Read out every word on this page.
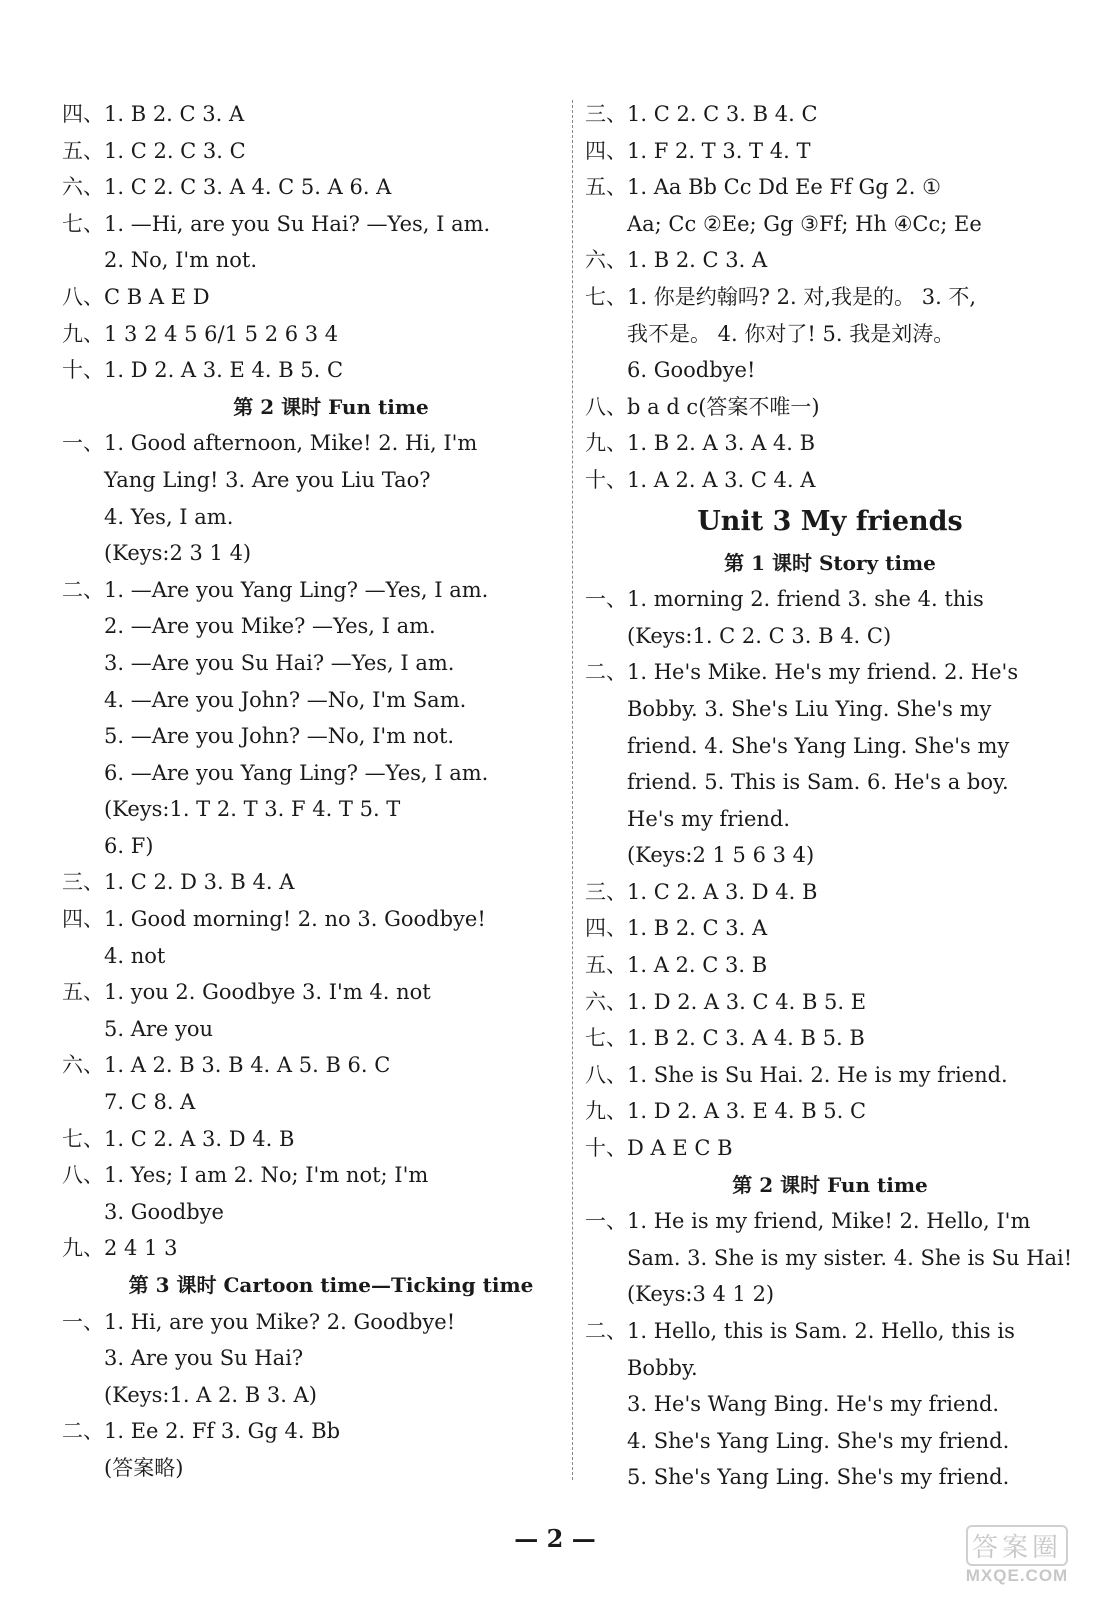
四、1. B 2. C 3. A
五、1. C 2. C 3. C
六、1. C 2. C 3. A 4. C 5. A 6. A
七、1. —Hi, are you Su Hai? —Yes, I am.
2. No, I'm not.
八、C B A E D
九、1 3 2 4 5 6/1 5 2 6 3 4
十、1. D 2. A 3. E 4. B 5. C
第 2 课时 Fun time
一、1. Good afternoon, Mike! 2. Hi, I'm
Yang Ling! 3. Are you Liu Tao?
4. Yes, I am.
(Keys:2 3 1 4)
二、1. —Are you Yang Ling? —Yes, I am.
2. —Are you Mike? —Yes, I am.
3. —Are you Su Hai? —Yes, I am.
4. —Are you John? —No, I'm Sam.
5. —Are you John? —No, I'm not.
6. —Are you Yang Ling? —Yes, I am.
(Keys:1. T 2. T 3. F 4. T 5. T
6. F)
三、1. C 2. D 3. B 4. A
四、1. Good morning! 2. no 3. Goodbye!
4. not
五、1. you 2. Goodbye 3. I'm 4. not
5. Are you
六、1. A 2. B 3. B 4. A 5. B 6. C
7. C 8. A
七、1. C 2. A 3. D 4. B
八、1. Yes; I am 2. No; I'm not; I'm
3. Goodbye
九、2 4 1 3
第 3 课时 Cartoon time—Ticking time
一、1. Hi, are you Mike? 2. Goodbye!
3. Are you Su Hai?
(Keys:1. A 2. B 3. A)
二、1. Ee 2. Ff 3. Gg 4. Bb
(答案略)
三、1. C 2. C 3. B 4. C
四、1. F 2. T 3. T 4. T
五、1. Aa Bb Cc Dd Ee Ff Gg 2. ①
Aa; Cc ②Ee; Gg ③Ff; Hh ④Cc; Ee
六、1. B 2. C 3. A
七、1. 你是约翰吗? 2. 对,我是的。 3. 不,
我不是。 4. 你对了! 5. 我是刘涛。
6. Goodbye!
八、b a d c(答案不唯一)
九、1. B 2. A 3. A 4. B
十、1. A 2. A 3. C 4. A
Unit 3 My friends
第 1 课时 Story time
一、1. morning 2. friend 3. she 4. this
(Keys:1. C 2. C 3. B 4. C)
二、1. He's Mike. He's my friend. 2. He's
Bobby. 3. She's Liu Ying. She's my
friend. 4. She's Yang Ling. She's my
friend. 5. This is Sam. 6. He's a boy.
He's my friend.
(Keys:2 1 5 6 3 4)
三、1. C 2. A 3. D 4. B
四、1. B 2. C 3. A
五、1. A 2. C 3. B
六、1. D 2. A 3. C 4. B 5. E
七、1. B 2. C 3. A 4. B 5. B
八、1. She is Su Hai. 2. He is my friend.
九、1. D 2. A 3. E 4. B 5. C
十、D A E C B
第 2 课时 Fun time
一、1. He is my friend, Mike! 2. Hello, I'm
Sam. 3. She is my sister. 4. She is Su Hai!
(Keys:3 4 1 2)
二、1. Hello, this is Sam. 2. Hello, this is
Bobby.
3. He's Wang Bing. He's my friend.
4. She's Yang Ling. She's my friend.
5. She's Yang Ling. She's my friend.
— 2 —	答案圈
MXQE.COM
